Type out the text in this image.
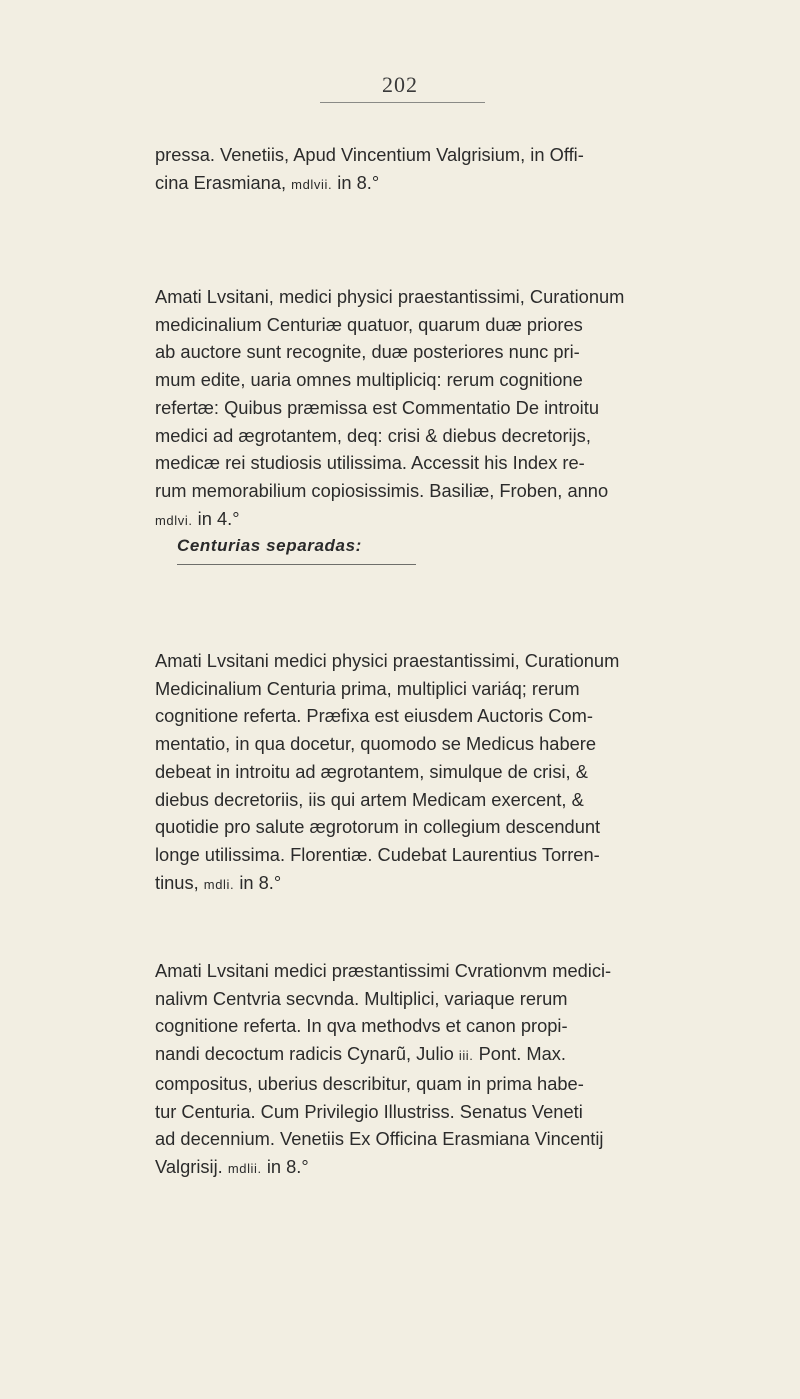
202
pressa. Venetiis, Apud Vincentium Valgrisium, in Offi-
cina Erasmiana, mdlvii. in 8.°
Amati Lvsitani, medici physici praestantissimi, Curationum
medicinalium Centuriæ quatuor, quarum duæ priores
ab auctore sunt recognite, duæ posteriores nunc pri-
mum edite, uaria omnes multipliciq: rerum cognitione
refertæ: Quibus præmissa est Commentatio De introitu
medici ad ægrotantem, deq: crisi & diebus decretorijs,
medicæ rei studiosis utilissima. Accessit his Index re-
rum memorabilium copiosissimis. Basiliæ, Froben, anno
mdlvi. in 4.°
Centurias separadas:
Amati Lvsitani medici physici praestantissimi, Curationum
Medicinalium Centuria prima, multiplici variáq; rerum
cognitione referta. Præfixa est eiusdem Auctoris Com-
mentatio, in qua docetur, quomodo se Medicus habere
debeat in introitu ad ægrotantem, simulque de crisi, &
diebus decretoriis, iis qui artem Medicam exercent, &
quotidie pro salute ægrotorum in collegium descendunt
longe utilissima. Florentiæ. Cudebat Laurentius Torren-
tinus, mdli. in 8.°
Amati Lvsitani medici præstantissimi Cvrationvm medici-
nalivm Centvria secvnda. Multiplici, variaque rerum
cognitione referta. In qva methodvs et canon propi-
nandi decoctum radicis Cynarũ, Julio iii. Pont. Max.
compositus, uberius describitur, quam in prima habe-
tur Centuria. Cum Privilegio Illustriss. Senatus Veneti
ad decennium. Venetiis Ex Officina Erasmiana Vincentij
Valgrisij. mdlii. in 8.°
